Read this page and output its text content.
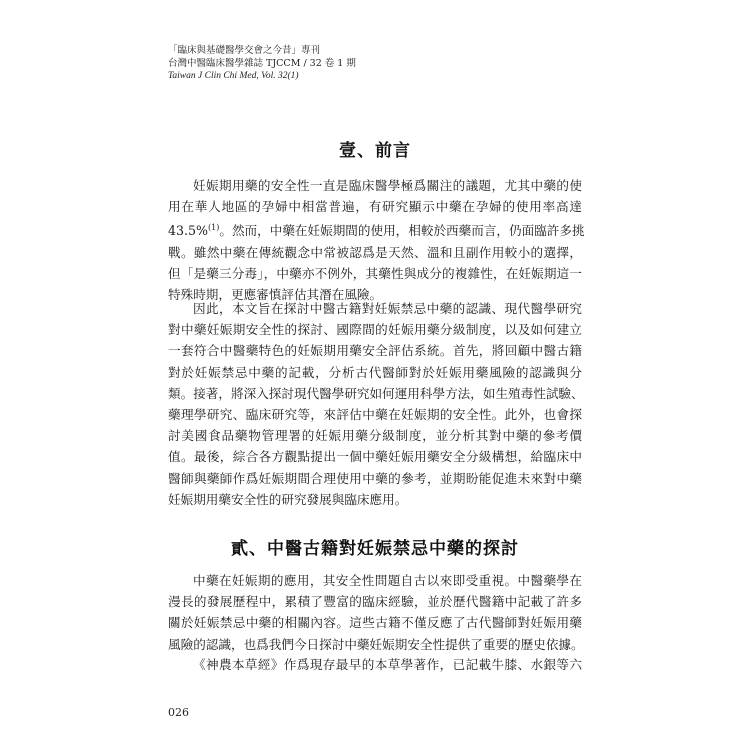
「臨床與基礎醫學交會之今昔」專刊
台灣中醫臨床醫學雜誌 TJCCM / 32 卷 1 期
Taiwan J Clin Chi Med, Vol. 32(1)
壹、前言
妊娠期用藥的安全性一直是臨床醫學極爲關注的議題，尤其中藥的使
用在華人地區的孕婦中相當普遍，有研究顯示中藥在孕婦的使用率高達
43.5%$^{(1)}$。然而，中藥在妊娠期間的使用，相較於西藥而言，仍面臨許多挑
戰。雖然中藥在傳統觀念中常被認爲是天然、溫和且副作用較小的選擇，
但「是藥三分毒」，中藥亦不例外，其藥性與成分的複雜性，在妊娠期這一
特殊時期，更應審慎評估其潛在風險。
因此，本文旨在探討中醫古籍對妊娠禁忌中藥的認識、現代醫學研究
對中藥妊娠期安全性的探討、國際間的妊娠用藥分級制度，以及如何建立
一套符合中醫藥特色的妊娠期用藥安全評估系統。首先，將回顧中醫古籍
對於妊娠禁忌中藥的記載，分析古代醫師對於妊娠用藥風險的認識與分
類。接著，將深入探討現代醫學研究如何運用科學方法，如生殖毒性試驗、
藥理學研究、臨床研究等，來評估中藥在妊娠期的安全性。此外，也會探
討美國食品藥物管理署的妊娠用藥分級制度，並分析其對中藥的參考價
值。最後，綜合各方觀點提出一個中藥妊娠用藥安全分級構想，給臨床中
醫師與藥師作爲妊娠期間合理使用中藥的參考，並期盼能促進未來對中藥
妊娠期用藥安全性的研究發展與臨床應用。
貳、中醫古籍對妊娠禁忌中藥的探討
中藥在妊娠期的應用，其安全性問題自古以來即受重視。中醫藥學在
漫長的發展歷程中，累積了豐富的臨床經驗，並於歷代醫籍中記載了許多
關於妊娠禁忌中藥的相關內容。這些古籍不僅反應了古代醫師對妊娠用藥
風險的認識，也爲我們今日探討中藥妊娠期安全性提供了重要的歷史依據。
《神農本草經》作爲現存最早的本草學著作，已記載牛膝、水銀等六
026
